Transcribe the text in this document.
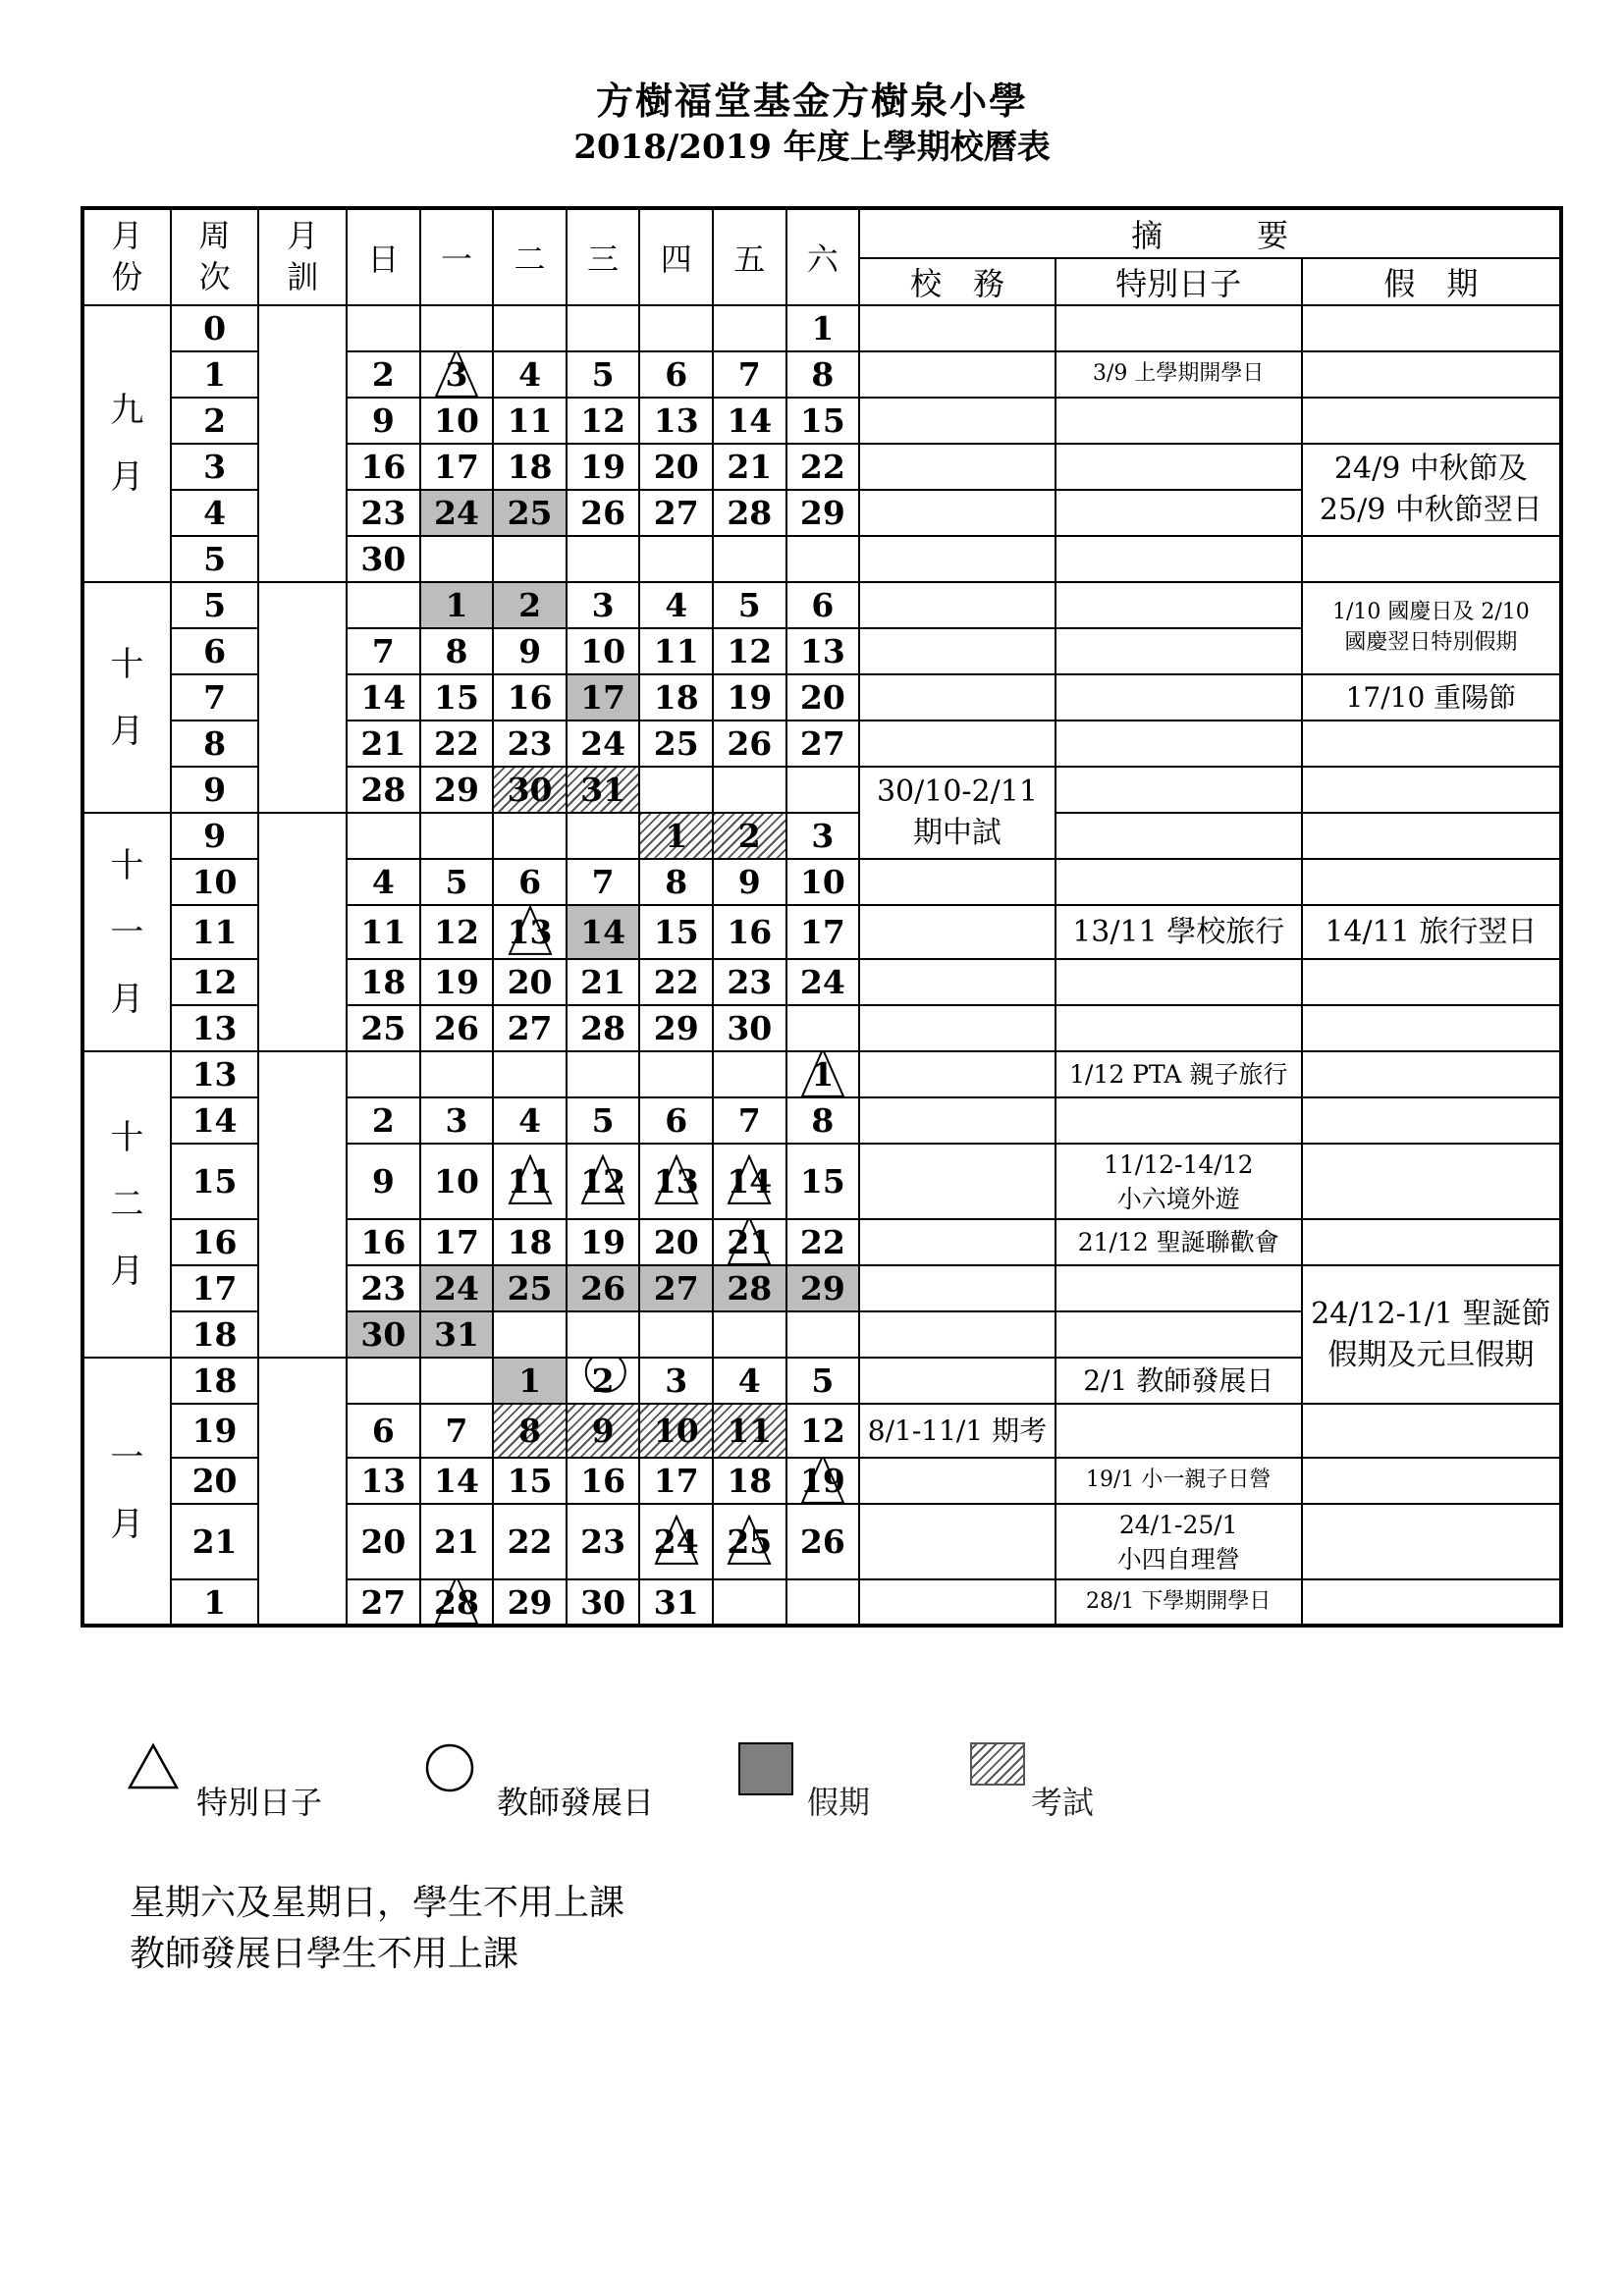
方樹福堂基金方樹泉小學
2018/2019 年度上學期校曆表
月份	周次	月訓	日	一	二	三	四	五	六	摘　　　要		
										校　務	特別日子	假　期
九月	0								1			
	1		2	3	4	5	6	7	8		3/9 上學期開學日	

	2		9	10	11	12	13	14	15			
	3		16	17	18	19	20	21	22			24/9 中秋節及
25/9 中秋節翌日

	4		23	24	25	26	27	28	29			
	5		30									
十月	5			1	2	3	4	5	6			1/10 國慶日及 2/10
國慶翌日特別假期

	6		7	8	9	10	11	12	13			
	7		14	15	16	17	18	19	20			17/10 重陽節

	8		21	22	23	24	25	26	27			
	9		28	29	30	31				30/10-2/11
期中試		

十一月	9						1	2	3			
	10		4	5	6	7	8	9	10			
	11		11	12	13	14	15	16	17		13/11 學校旅行	14/11 旅行翌日

	12		18	19	20	21	22	23	24			
	13		25	26	27	28	29	30				
十二月	13								1		1/12 PTA 親子旅行	

	14		2	3	4	5	6	7	8			
	15		9	10	11	12	13	14	15		11/12-14/12
小六境外遊	

	16		16	17	18	19	20	21	22		21/12 聖誕聯歡會	

	17		23	24	25	26	27	28	29			24/12-1/1 聖誕節
假期及元旦假期

	18		30	31								
一月	18				1	2	3	4	5		2/1 教師發展日	

	19		6	7	8	9	10	11	12	8/1-11/1 期考		

	20		13	14	15	16	17	18	19		19/1 小一親子日營	

	21		20	21	22	23	24	25	26		24/1-25/1
小四自理營	

	1		27	28	29	30	31				28/1 下學期開學日	

特別日子	教師發展日	假期	考試
星期六及星期日，學生不用上課
教師發展日學生不用上課
